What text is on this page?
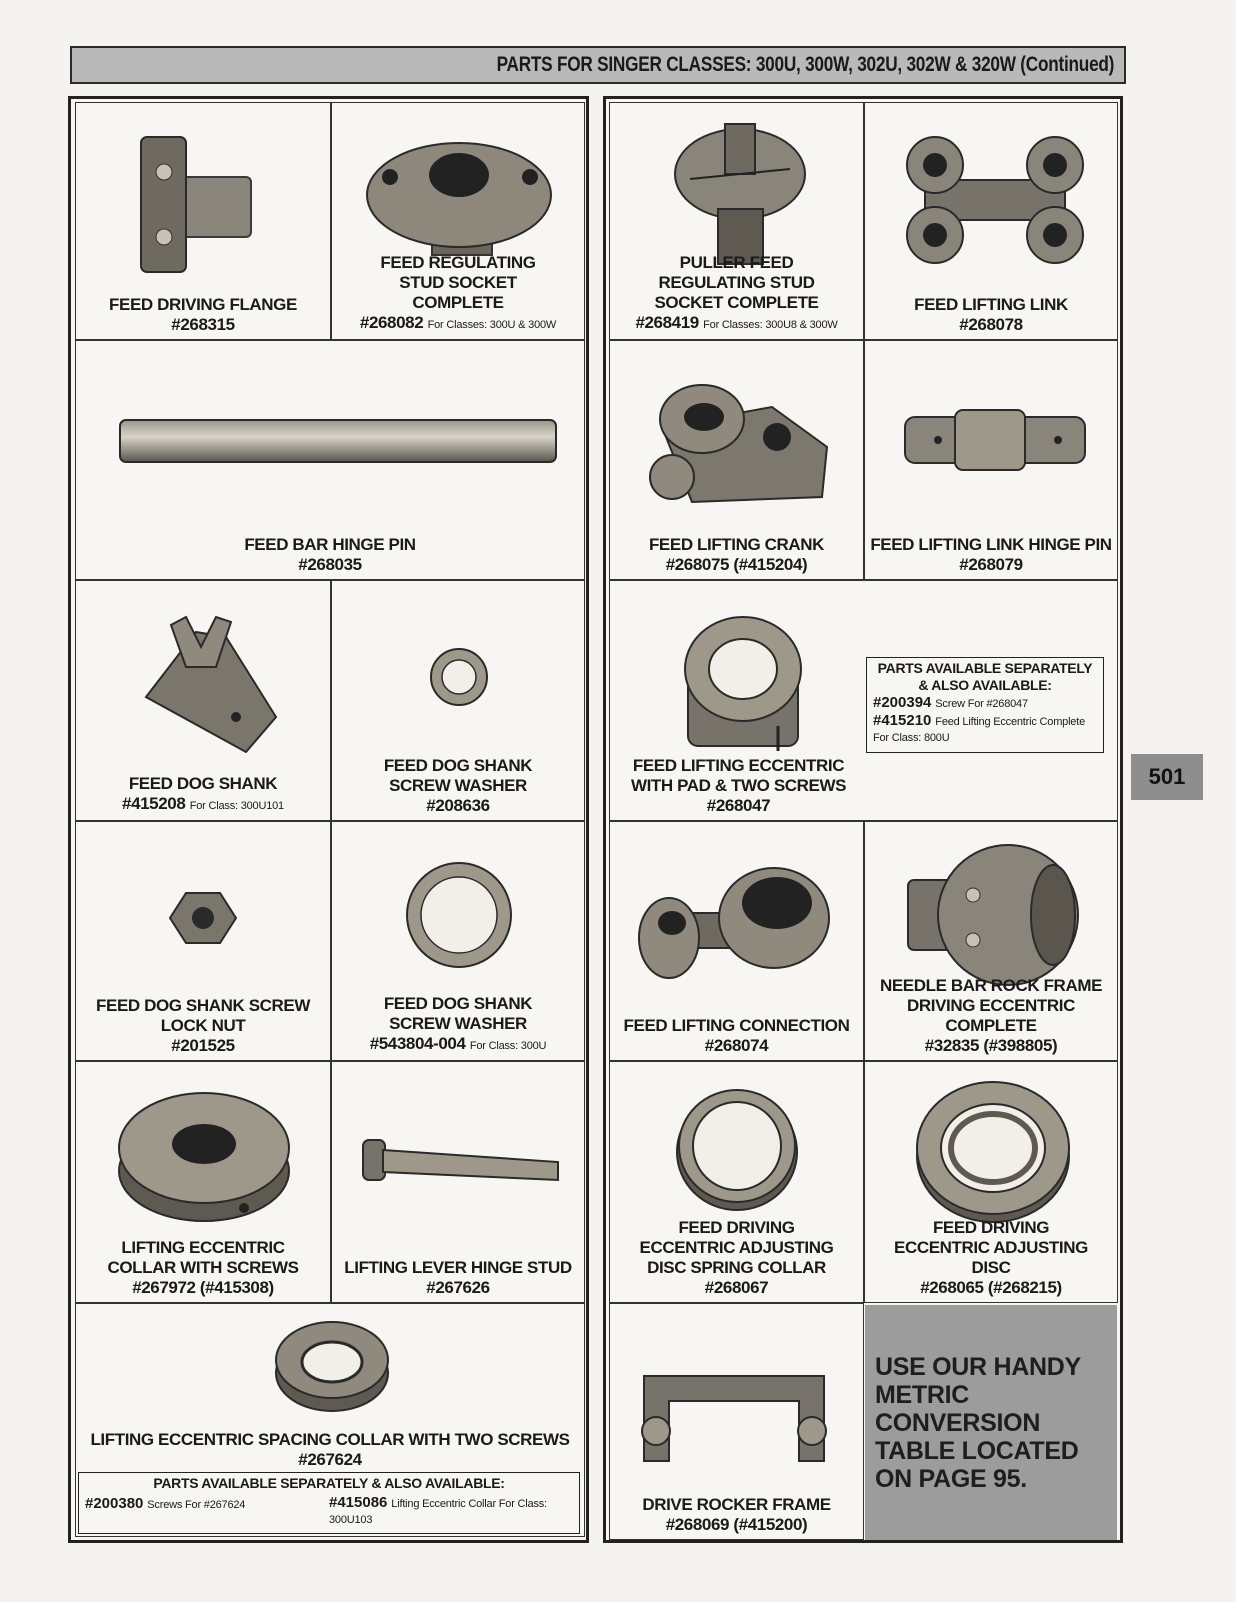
PARTS FOR SINGER CLASSES: 300U, 300W, 302U, 302W & 320W (Continued)
501
FEED DRIVING FLANGE
#268315
FEED REGULATING STUD SOCKET COMPLETE
#268082 For Classes: 300U & 300W
PULLER FEED REGULATING STUD SOCKET COMPLETE
#268419 For Classes: 300U8 & 300W
FEED LIFTING LINK
#268078
FEED BAR HINGE PIN
#268035
FEED LIFTING CRANK
#268075 (#415204)
FEED LIFTING LINK HINGE PIN
#268079
FEED DOG SHANK
#415208 For Class: 300U101
FEED DOG SHANK SCREW WASHER
#208636
PARTS AVAILABLE SEPARATELY & ALSO AVAILABLE:
#200394 Screw For #268047
#415210 Feed Lifting Eccentric Complete For Class: 800U
FEED LIFTING ECCENTRIC WITH PAD & TWO SCREWS
#268047
FEED DOG SHANK SCREW LOCK NUT
#201525
FEED DOG SHANK SCREW WASHER
#543804-004 For Class: 300U
FEED LIFTING CONNECTION
#268074
NEEDLE BAR ROCK FRAME DRIVING ECCENTRIC COMPLETE
#32835 (#398805)
LIFTING ECCENTRIC COLLAR WITH SCREWS
#267972 (#415308)
LIFTING LEVER HINGE STUD
#267626
FEED DRIVING ECCENTRIC ADJUSTING DISC SPRING COLLAR
#268067
FEED DRIVING ECCENTRIC ADJUSTING DISC
#268065 (#268215)
LIFTING ECCENTRIC SPACING COLLAR WITH TWO SCREWS #267624
PARTS AVAILABLE SEPARATELY & ALSO AVAILABLE:
#200380 Screws For #267624	#415086 Lifting Eccentric Collar For Class: 300U103
DRIVE ROCKER FRAME
#268069 (#415200)
USE OUR HANDY METRIC CONVERSION TABLE LOCATED ON PAGE 95.
